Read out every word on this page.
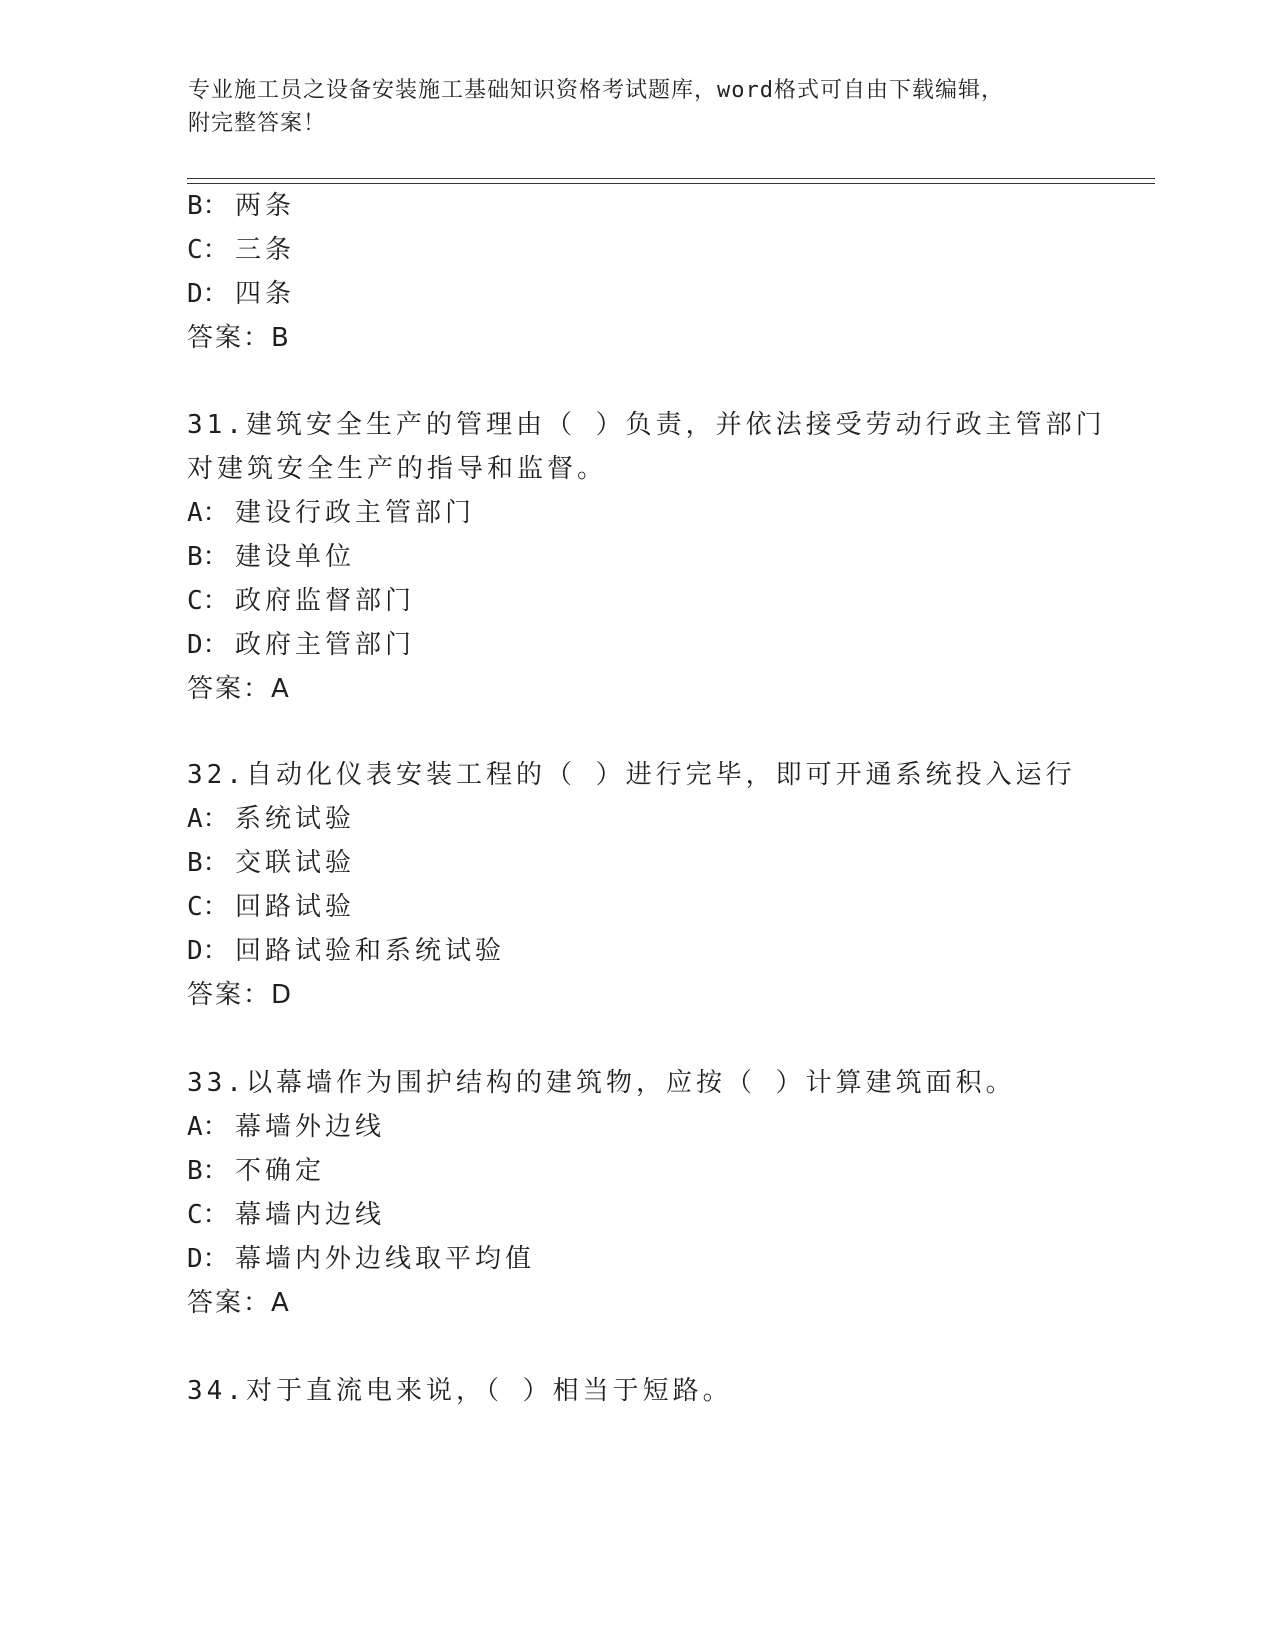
专业施工员之设备安装施工基础知识资格考试题库，word格式可自由下载编辑，
附完整答案！
B： 两条
C： 三条
D： 四条
答案：B
31.建筑安全生产的管理由（ ）负责，并依法接受劳动行政主管部门
对建筑安全生产的指导和监督。
A： 建设行政主管部门
B： 建设单位
C： 政府监督部门
D： 政府主管部门
答案：A
32.自动化仪表安装工程的（ ）进行完毕，即可开通系统投入运行
A： 系统试验
B： 交联试验
C： 回路试验
D： 回路试验和系统试验
答案：D
33.以幕墙作为围护结构的建筑物，应按（ ）计算建筑面积。
A： 幕墙外边线
B： 不确定
C： 幕墙内边线
D： 幕墙内外边线取平均值
答案：A
34.对于直流电来说，（ ）相当于短路。
